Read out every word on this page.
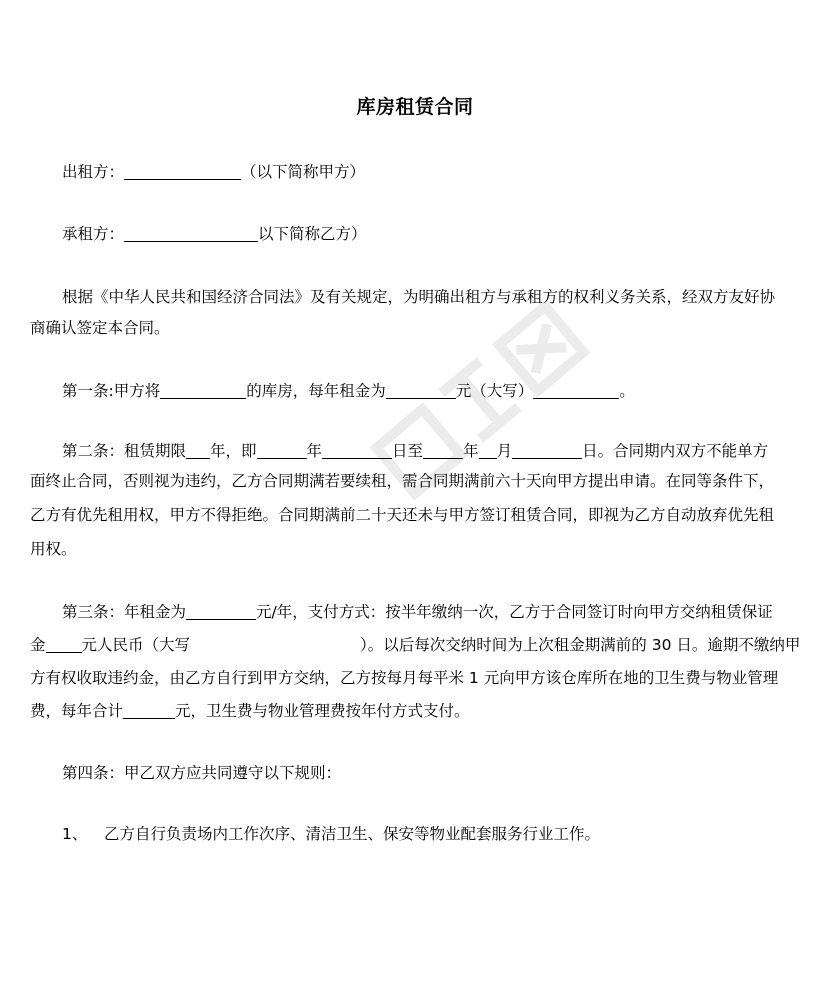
库房租赁合同
出租方：	（以下简称甲方）
承租方：	以下简称乙方）
根据《中华人民共和国经济合同法》及有关规定，为明确出租方与承租方的权利义务关系，经双方友好协
商确认签定本合同。
第一条:甲方将	的库房，每年租金为	元（大写）	。
第二条：租赁期限 年，即	年	日至	年 月	日。合同期内双方不能单方
面终止合同，否则视为违约，乙方合同期满若要续租，需合同期满前六十天向甲方提出申请。在同等条件下，
乙方有优先租用权，甲方不得拒绝。合同期满前二十天还未与甲方签订租赁合同，即视为乙方自动放弃优先租
用权。
第三条：年租金为	元/年，支付方式：按半年缴纳一次，乙方于合同签订时向甲方交纳租赁保证
金 元人民币（大写	）。以后每次交纳时间为上次租金期满前的 30 日。逾期不缴纳甲
方有权收取违约金，由乙方自行到甲方交纳，乙方按每月每平米 1 元向甲方该仓库所在地的卫生费与物业管理
费，每年合计	元，卫生费与物业管理费按年付方式支付。
第四条：甲乙双方应共同遵守以下规则：
1、 乙方自行负责场内工作次序、清洁卫生、保安等物业配套服务行业工作。
